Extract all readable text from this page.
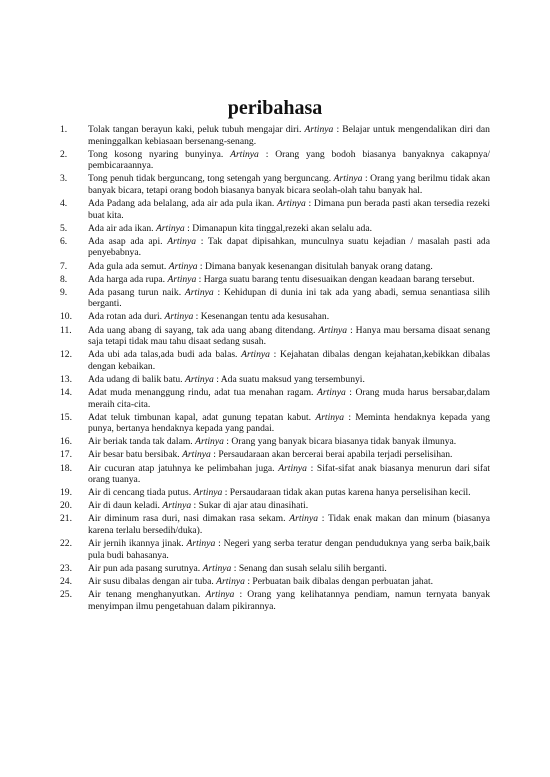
peribahasa
1.	Tolak tangan berayun kaki, peluk tubuh mengajar diri. Artinya : Belajar untuk mengendalikan diri dan meninggalkan kebiasaan bersenang-senang.
2.	Tong kosong nyaring bunyinya. Artinya : Orang yang bodoh biasanya banyaknya cakapnya/ pembicaraannya.
3.	Tong penuh tidak berguncang, tong setengah yang berguncang. Artinya : Orang yang berilmu tidak akan banyak bicara, tetapi orang bodoh biasanya banyak bicara seolah-olah tahu banyak hal.
4.	Ada Padang ada belalang, ada air ada pula ikan. Artinya : Dimana pun berada pasti akan tersedia rezeki buat kita.
5.	Ada air ada ikan. Artinya : Dimanapun kita tinggal,rezeki akan selalu ada.
6.	Ada asap ada api. Artinya : Tak dapat dipisahkan, munculnya suatu kejadian / masalah pasti ada penyebabnya.
7.	Ada gula ada semut. Artinya : Dimana banyak kesenangan disitulah banyak orang datang.
8.	Ada harga ada rupa. Artinya : Harga suatu barang tentu disesuaikan dengan keadaan barang tersebut.
9.	Ada pasang turun naik. Artinya : Kehidupan di dunia ini tak ada yang abadi, semua senantiasa silih berganti.
10.	Ada rotan ada duri. Artinya : Kesenangan tentu ada kesusahan.
11.	Ada uang abang di sayang, tak ada uang abang ditendang. Artinya : Hanya mau bersama disaat senang saja tetapi tidak mau tahu disaat sedang susah.
12.	Ada ubi ada talas,ada budi ada balas. Artinya : Kejahatan dibalas dengan kejahatan,kebikkan dibalas dengan kebaikan.
13.	Ada udang di balik batu. Artinya : Ada suatu maksud yang tersembunyi.
14.	Adat muda menanggung rindu, adat tua menahan ragam. Artinya : Orang muda harus bersabar,dalam meraih cita-cita.
15.	Adat teluk timbunan kapal, adat gunung tepatan kabut. Artinya : Meminta hendaknya kepada yang punya, bertanya hendaknya kepada yang pandai.
16.	Air beriak tanda tak dalam. Artinya : Orang yang banyak bicara biasanya tidak banyak ilmunya.
17.	Air besar batu bersibak. Artinya : Persaudaraan akan bercerai berai apabila terjadi perselisihan.
18.	Air cucuran atap jatuhnya ke pelimbahan juga. Artinya : Sifat-sifat anak biasanya menurun dari sifat orang tuanya.
19.	Air di cencang tiada putus. Artinya : Persaudaraan tidak akan putas karena hanya perselisihan kecil.
20.	Air di daun keladi. Artinya : Sukar di ajar atau dinasihati.
21.	Air diminum rasa duri, nasi dimakan rasa sekam. Artinya : Tidak enak makan dan minum (biasanya karena terlalu bersedih/duka).
22.	Air jernih ikannya jinak. Artinya : Negeri yang serba teratur dengan penduduknya yang serba baik,baik pula budi bahasanya.
23.	Air pun ada pasang surutnya. Artinya : Senang dan susah selalu silih berganti.
24.	Air susu dibalas dengan air tuba. Artinya : Perbuatan baik dibalas dengan perbuatan jahat.
25.	Air tenang menghanyutkan. Artinya : Orang yang kelihatannya pendiam, namun ternyata banyak menyimpan ilmu pengetahuan dalam pikirannya.
